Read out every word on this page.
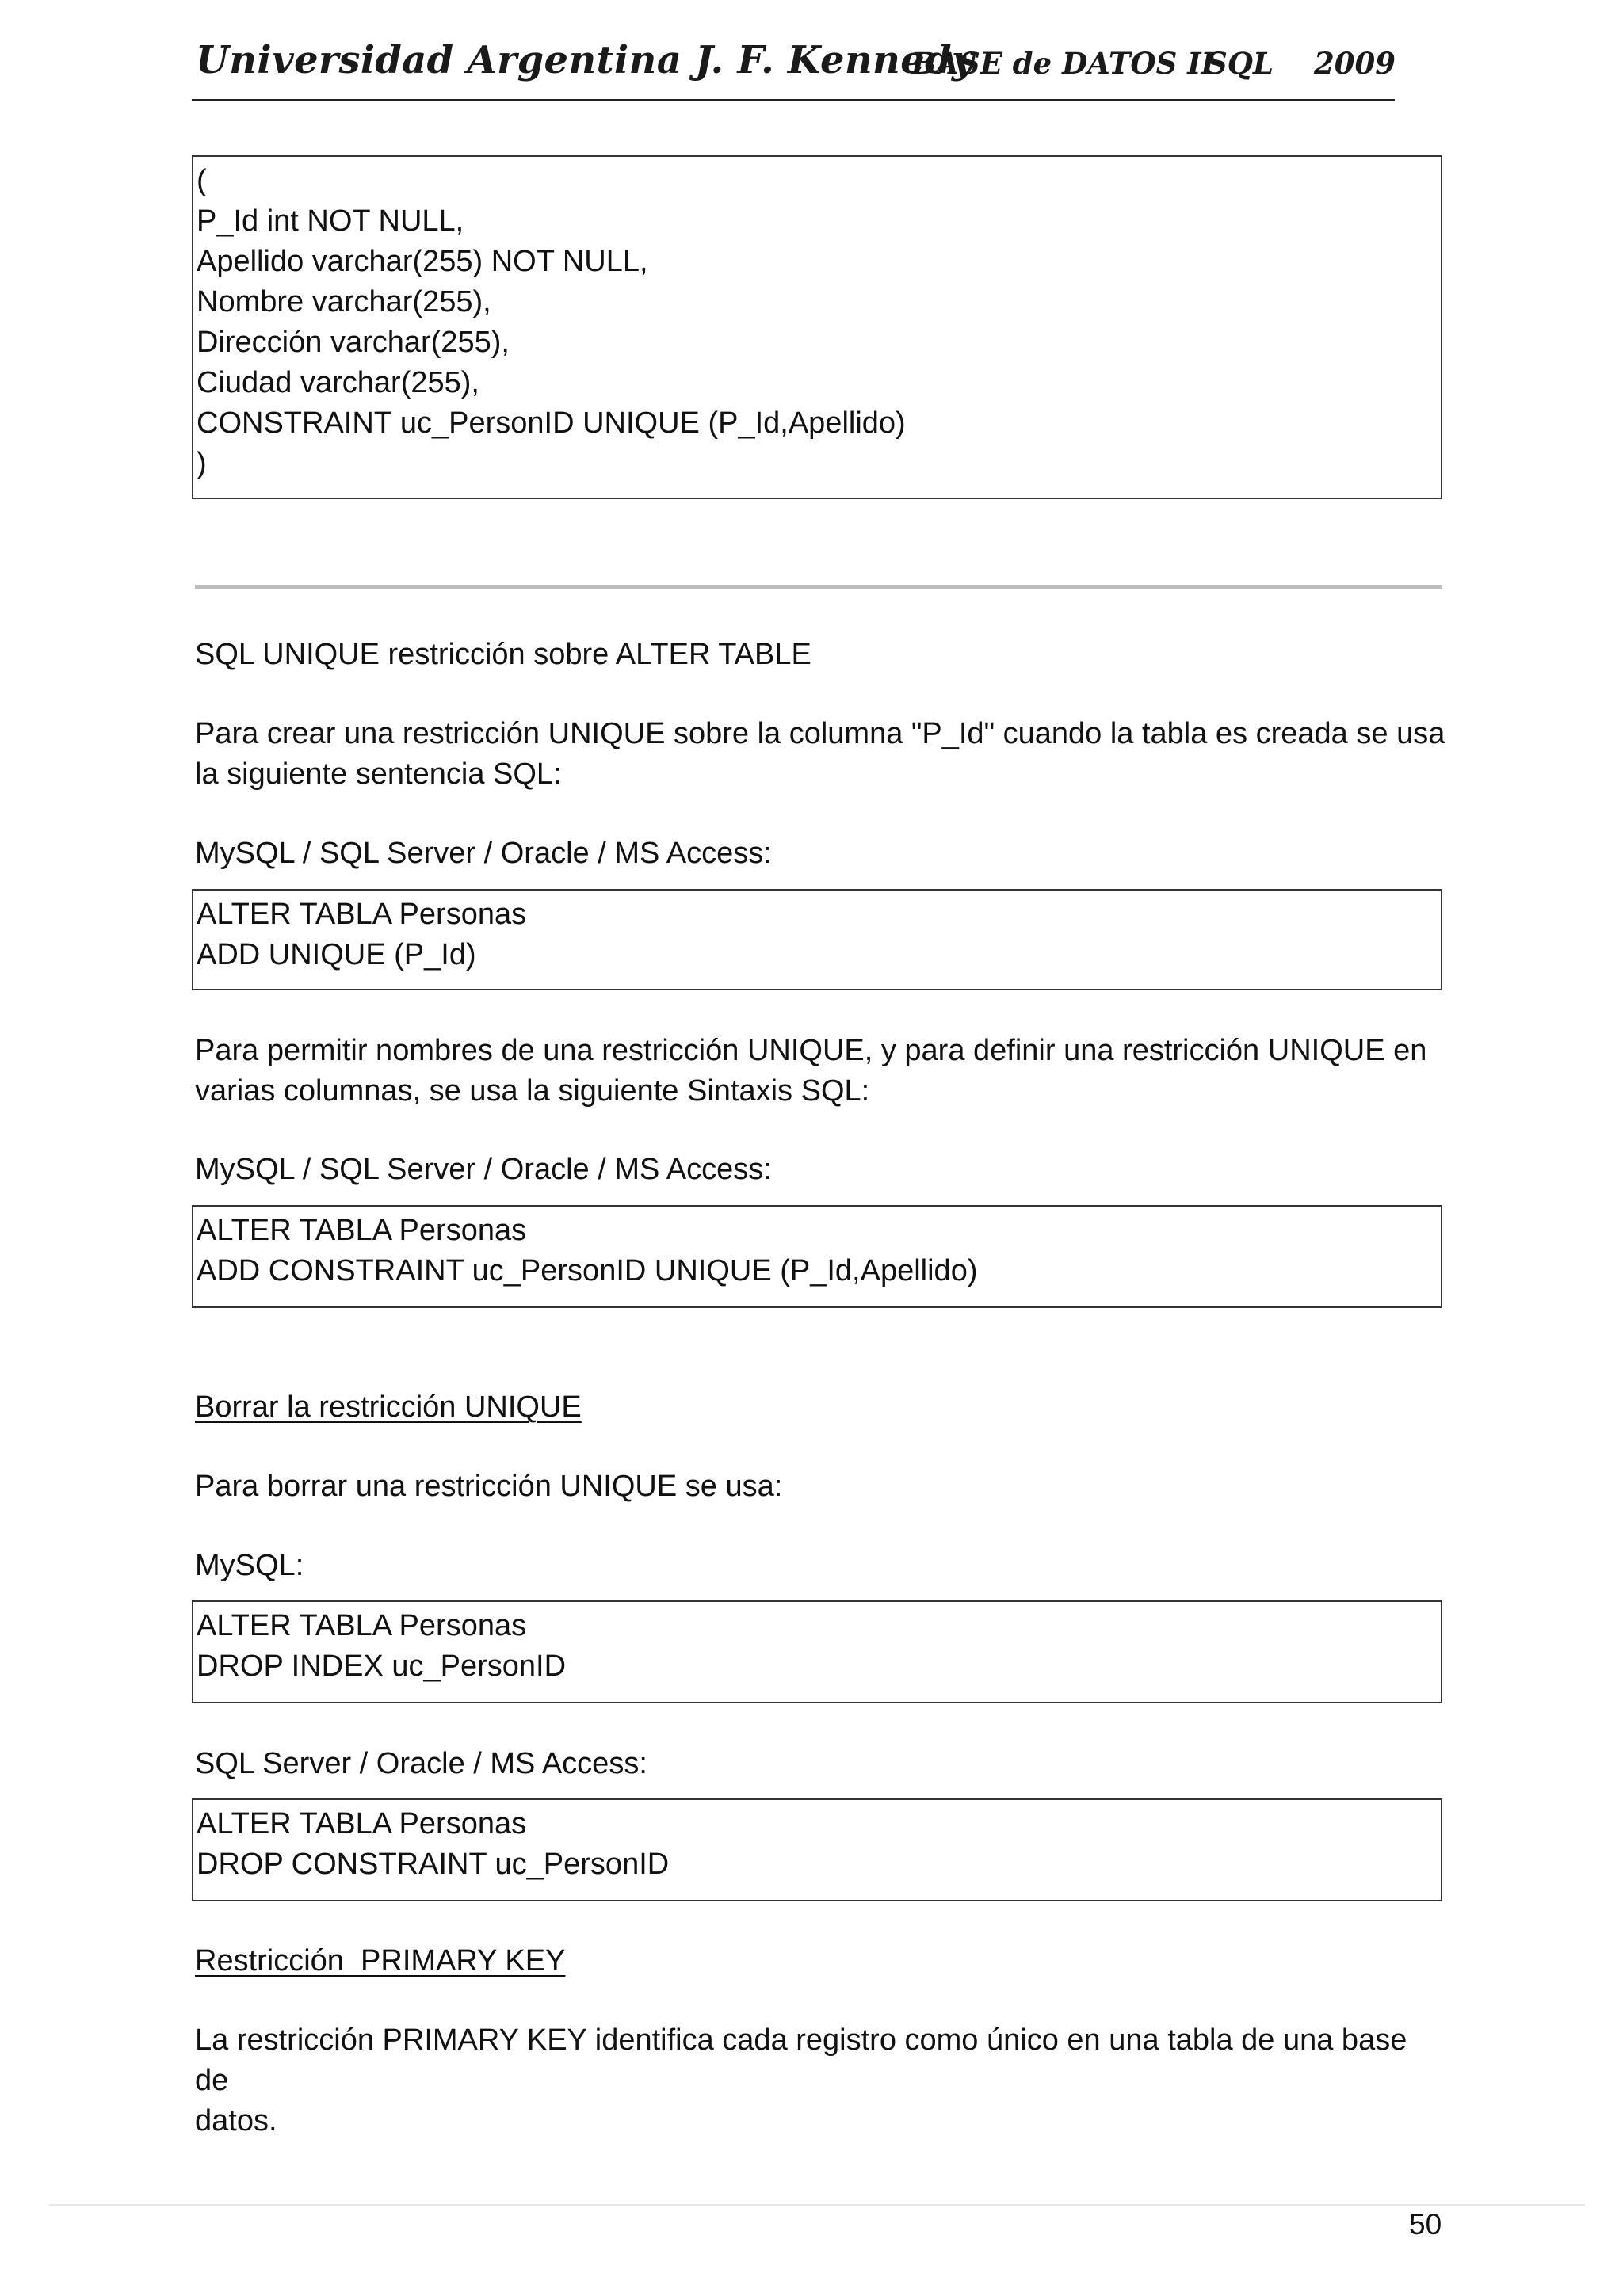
Universidad Argentina J. F. Kennedy
BASE de DATOS II
SQL 2009
(
P_Id int NOT NULL,
Apellido varchar(255) NOT NULL,
Nombre varchar(255),
Dirección varchar(255),
Ciudad varchar(255),
CONSTRAINT uc_PersonID UNIQUE (P_Id,Apellido)
)
SQL UNIQUE restricción sobre ALTER TABLE
Para crear una restricción UNIQUE sobre la columna "P_Id" cuando la tabla es creada se usa
la siguiente sentencia SQL:
MySQL / SQL Server / Oracle / MS Access:
ALTER TABLA Personas
ADD UNIQUE (P_Id)
Para permitir nombres de una restricción UNIQUE, y para definir una restricción UNIQUE en
varias columnas, se usa la siguiente Sintaxis SQL:
MySQL / SQL Server / Oracle / MS Access:
ALTER TABLA Personas
ADD CONSTRAINT uc_PersonID UNIQUE (P_Id,Apellido)
Borrar la restricción UNIQUE
Para borrar una restricción UNIQUE se usa:
MySQL:
ALTER TABLA Personas
DROP INDEX uc_PersonID
SQL Server / Oracle / MS Access:
ALTER TABLA Personas
DROP CONSTRAINT uc_PersonID
Restricción  PRIMARY KEY
La restricción PRIMARY KEY identifica cada registro como único en una tabla de una base de
datos.
50
